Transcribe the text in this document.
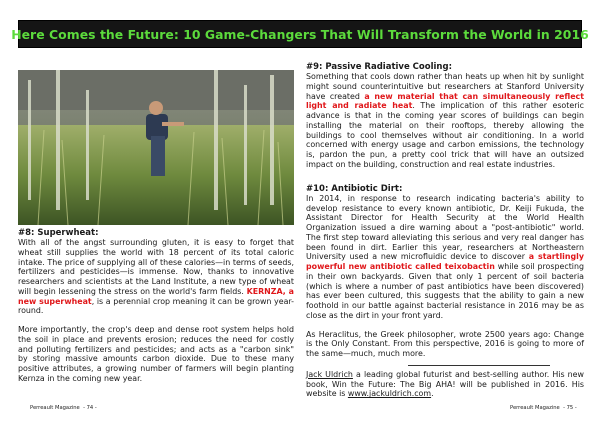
Here Comes the Future: 10 Game-Changers That Will Transform the World in 2016
#8: Superwheat:

With all of the angst surrounding gluten, it is easy to forget that wheat still supplies the world with 18 percent of its total caloric intake. The price of supplying all of these calories—in terms of seeds, fertilizers and pesticides—is immense. Now, thanks to innovative researchers and scientists at the Land Institute, a new type of wheat will begin lessening the stress on the world's farm fields. KERNZA, a new superwheat, is a perennial crop meaning it can be grown year-round.

More importantly, the crop's deep and dense root system helps hold the soil in place and prevents erosion; reduces the need for costly and polluting fertilizers and pesticides; and acts as a "carbon sink" by storing massive amounts carbon dioxide. Due to these many positive attributes, a growing number of farmers will begin planting Kernza in the coming new year.

#9: Passive Radiative Cooling:

Something that cools down rather than heats up when hit by sunlight might sound counterintuitive but researchers at Stanford University have created a new material that can simultaneously reflect light and radiate heat. The implication of this rather esoteric advance is that in the coming year scores of buildings can begin installing the material on their rooftops, thereby allowing the buildings to cool themselves without air conditioning. In a world concerned with energy usage and carbon emissions, the technology is, pardon the pun, a pretty cool trick that will have an outsized impact on the building, construction and real estate industries.

#10: Antibiotic Dirt:

In 2014, in response to research indicating bacteria's ability to develop resistance to every known antibiotic, Dr. Keiji Fukuda, the Assistant Director for Health Security at the World Health Organization issued a dire warning about a "post-antibiotic" world. The first step toward alleviating this serious and very real danger has been found in dirt. Earlier this year, researchers at Northeastern University used a new microfluidic device to discover a startlingly powerful new antibiotic called teixobactin while soil prospecting in their own backyards. Given that only 1 percent of soil bacteria (which is where a number of past antibiotics have been discovered) has ever been cultured, this suggests that the ability to gain a new foothold in our battle against bacterial resistance in 2016 may be as close as the dirt in your front yard.

As Heraclitus, the Greek philosopher, wrote 2500 years ago: Change is the Only Constant. From this perspective, 2016 is going to more of the same—much, much more.

Jack Uldrich a leading global futurist and best-selling author. His new book, Win the Future: The Big AHA! will be published in 2016. His website is www.jackuldrich.com.

Perreault Magazine - 74 -	Perreault Magazine - 75 -
